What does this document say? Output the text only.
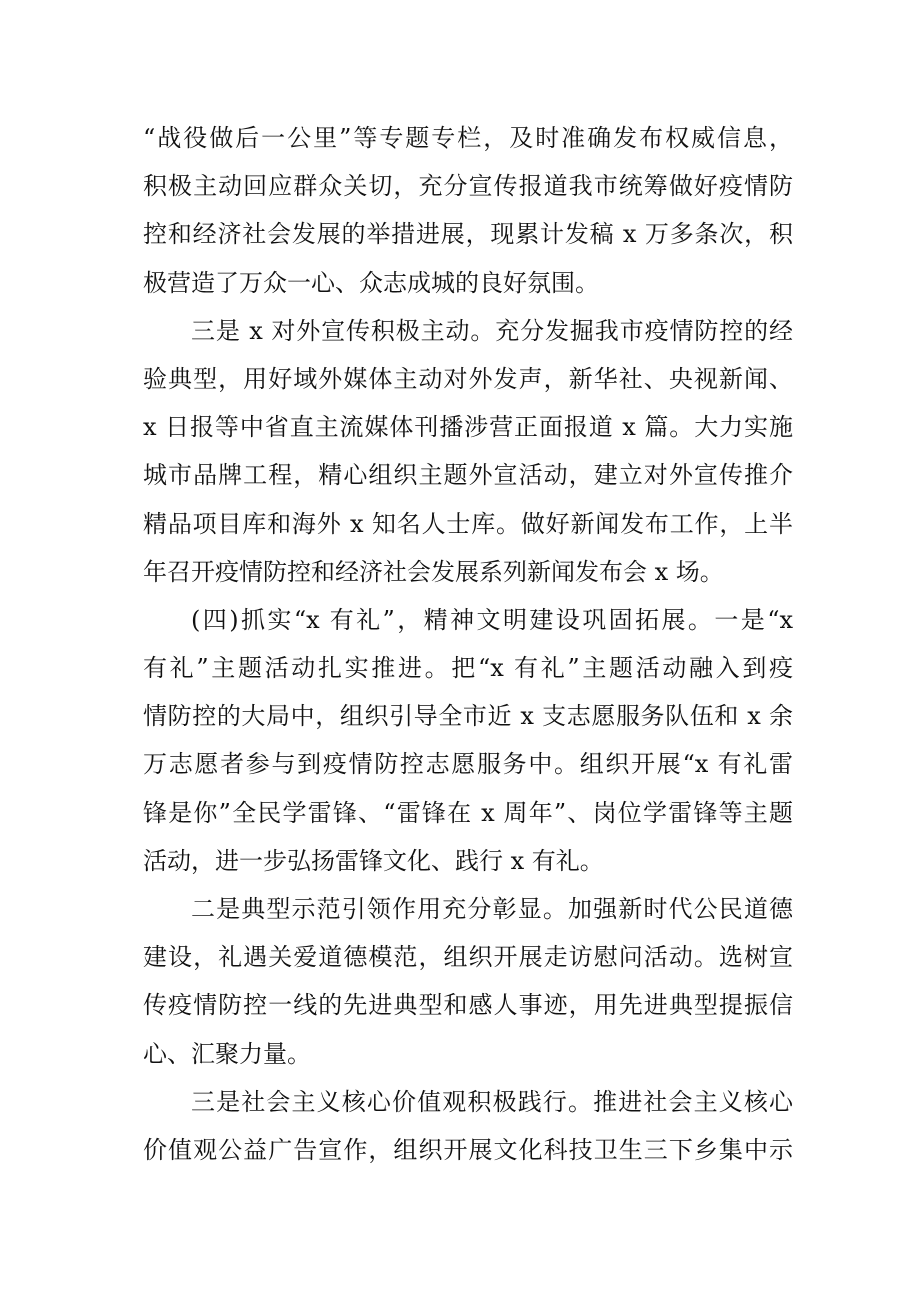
“战役做后一公里”等专题专栏，及时准确发布权威信息，
积极主动回应群众关切，充分宣传报道我市统筹做好疫情防
控和经济社会发展的举措进展，现累计发稿 x 万多条次，积
极营造了万众一心、众志成城的良好氛围。
三是 x 对外宣传积极主动。充分发掘我市疫情防控的经
验典型，用好域外媒体主动对外发声，新华社、央视新闻、
x 日报等中省直主流媒体刊播涉营正面报道 x 篇。大力实施
城市品牌工程，精心组织主题外宣活动，建立对外宣传推介
精品项目库和海外 x 知名人士库。做好新闻发布工作，上半
年召开疫情防控和经济社会发展系列新闻发布会 x 场。
(四)抓实“x 有礼”，精神文明建设巩固拓展。一是“x
有礼”主题活动扎实推进。把“x 有礼”主题活动融入到疫
情防控的大局中，组织引导全市近 x 支志愿服务队伍和 x 余
万志愿者参与到疫情防控志愿服务中。组织开展“x 有礼雷
锋是你”全民学雷锋、“雷锋在 x 周年”、岗位学雷锋等主题
活动，进一步弘扬雷锋文化、践行 x 有礼。
二是典型示范引领作用充分彰显。加强新时代公民道德
建设，礼遇关爱道德模范，组织开展走访慰问活动。选树宣
传疫情防控一线的先进典型和感人事迹，用先进典型提振信
心、汇聚力量。
三是社会主义核心价值观积极践行。推进社会主义核心
价值观公益广告宣作，组织开展文化科技卫生三下乡集中示
